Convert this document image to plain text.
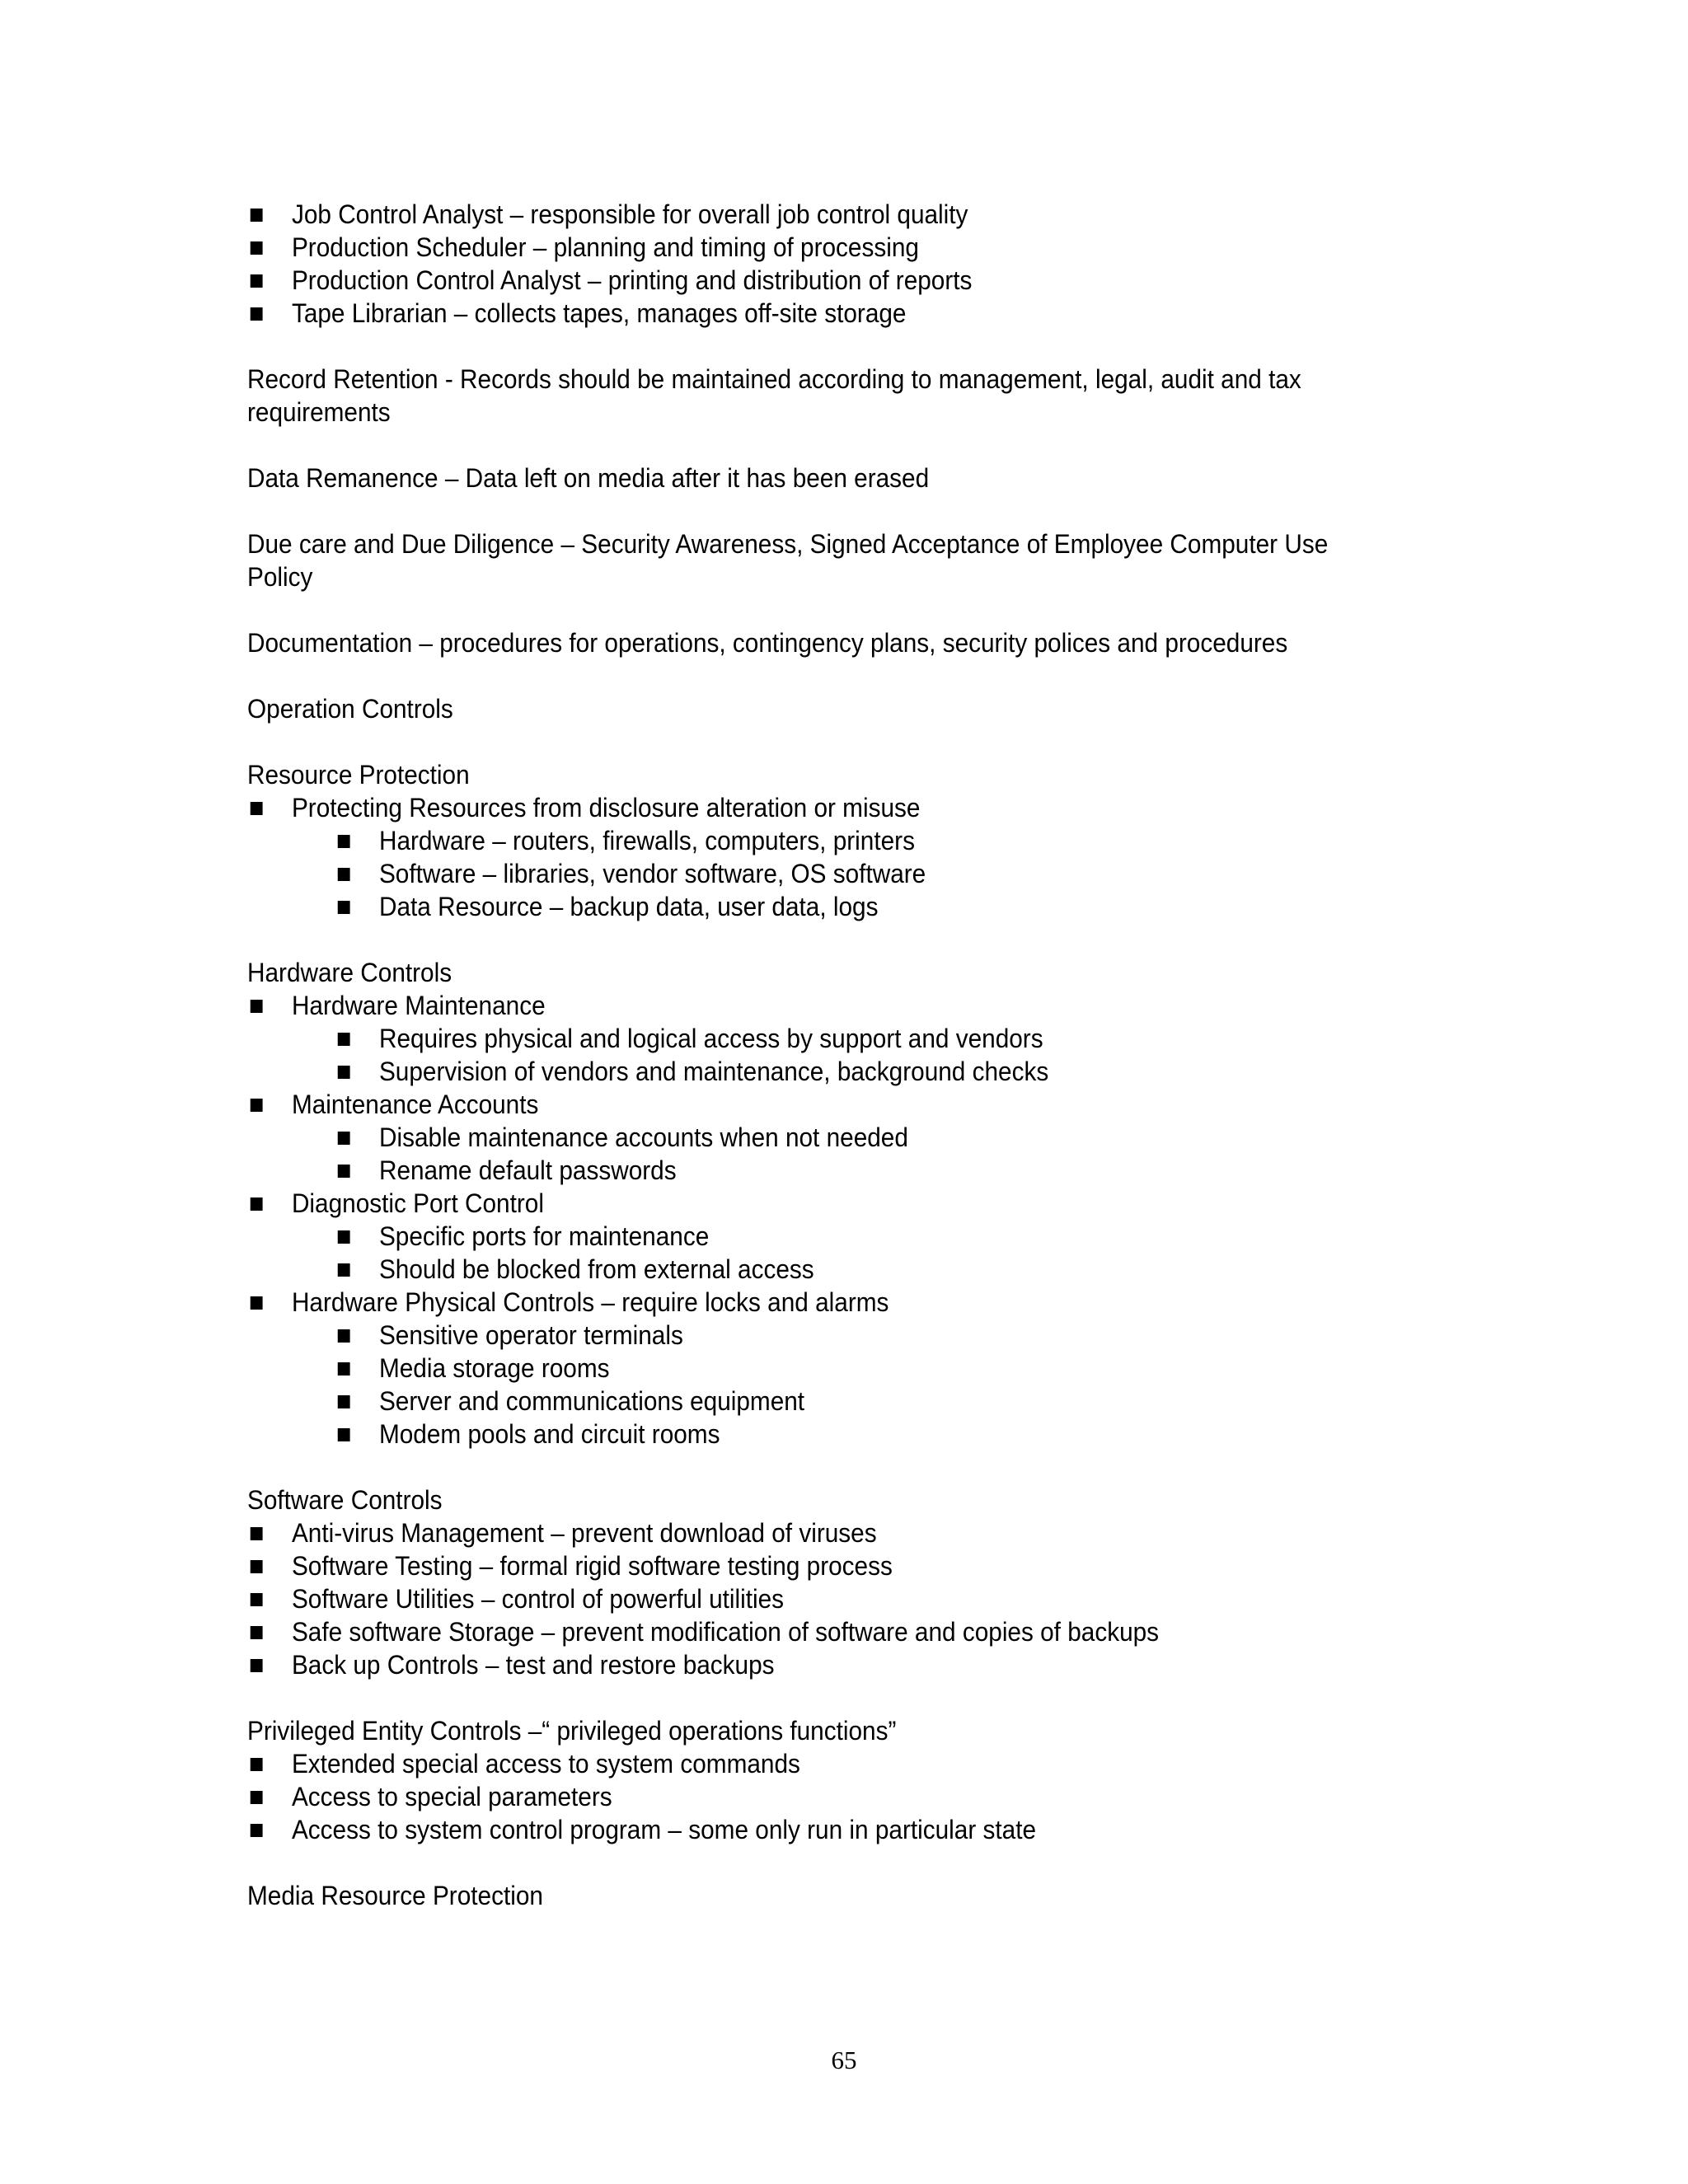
Job Control Analyst – responsible for overall job control quality
Production Scheduler – planning and timing of processing
Production Control Analyst – printing and distribution of reports
Tape Librarian – collects tapes, manages off-site storage

Record Retention - Records should be maintained according to management, legal, audit and tax requirements

Data Remanence – Data left on media after it has been erased

Due care and Due Diligence – Security Awareness, Signed Acceptance of Employee Computer Use Policy

Documentation – procedures for operations, contingency plans, security polices and procedures

Operation Controls

Resource Protection

Protecting Resources from disclosure alteration or misuse
Hardware – routers, firewalls, computers, printers
Software – libraries, vendor software, OS software
Data Resource – backup data, user data, logs

Hardware Controls

Hardware Maintenance
Requires physical and logical access by support and vendors
Supervision of vendors and maintenance, background checks
Maintenance Accounts
Disable maintenance accounts when not needed
Rename default passwords
Diagnostic Port Control
Specific ports for maintenance
Should be blocked from external access
Hardware Physical Controls – require locks and alarms
Sensitive operator terminals
Media storage rooms
Server and communications equipment
Modem pools and circuit rooms

Software Controls

Anti-virus Management – prevent download of viruses
Software Testing – formal rigid software testing process
Software Utilities – control of powerful utilities
Safe software Storage – prevent modification of software and copies of backups
Back up Controls – test and restore backups

Privileged Entity Controls –“ privileged operations functions”

Extended special access to system commands
Access to special parameters
Access to system control program – some only run in particular state

Media Resource Protection

65
